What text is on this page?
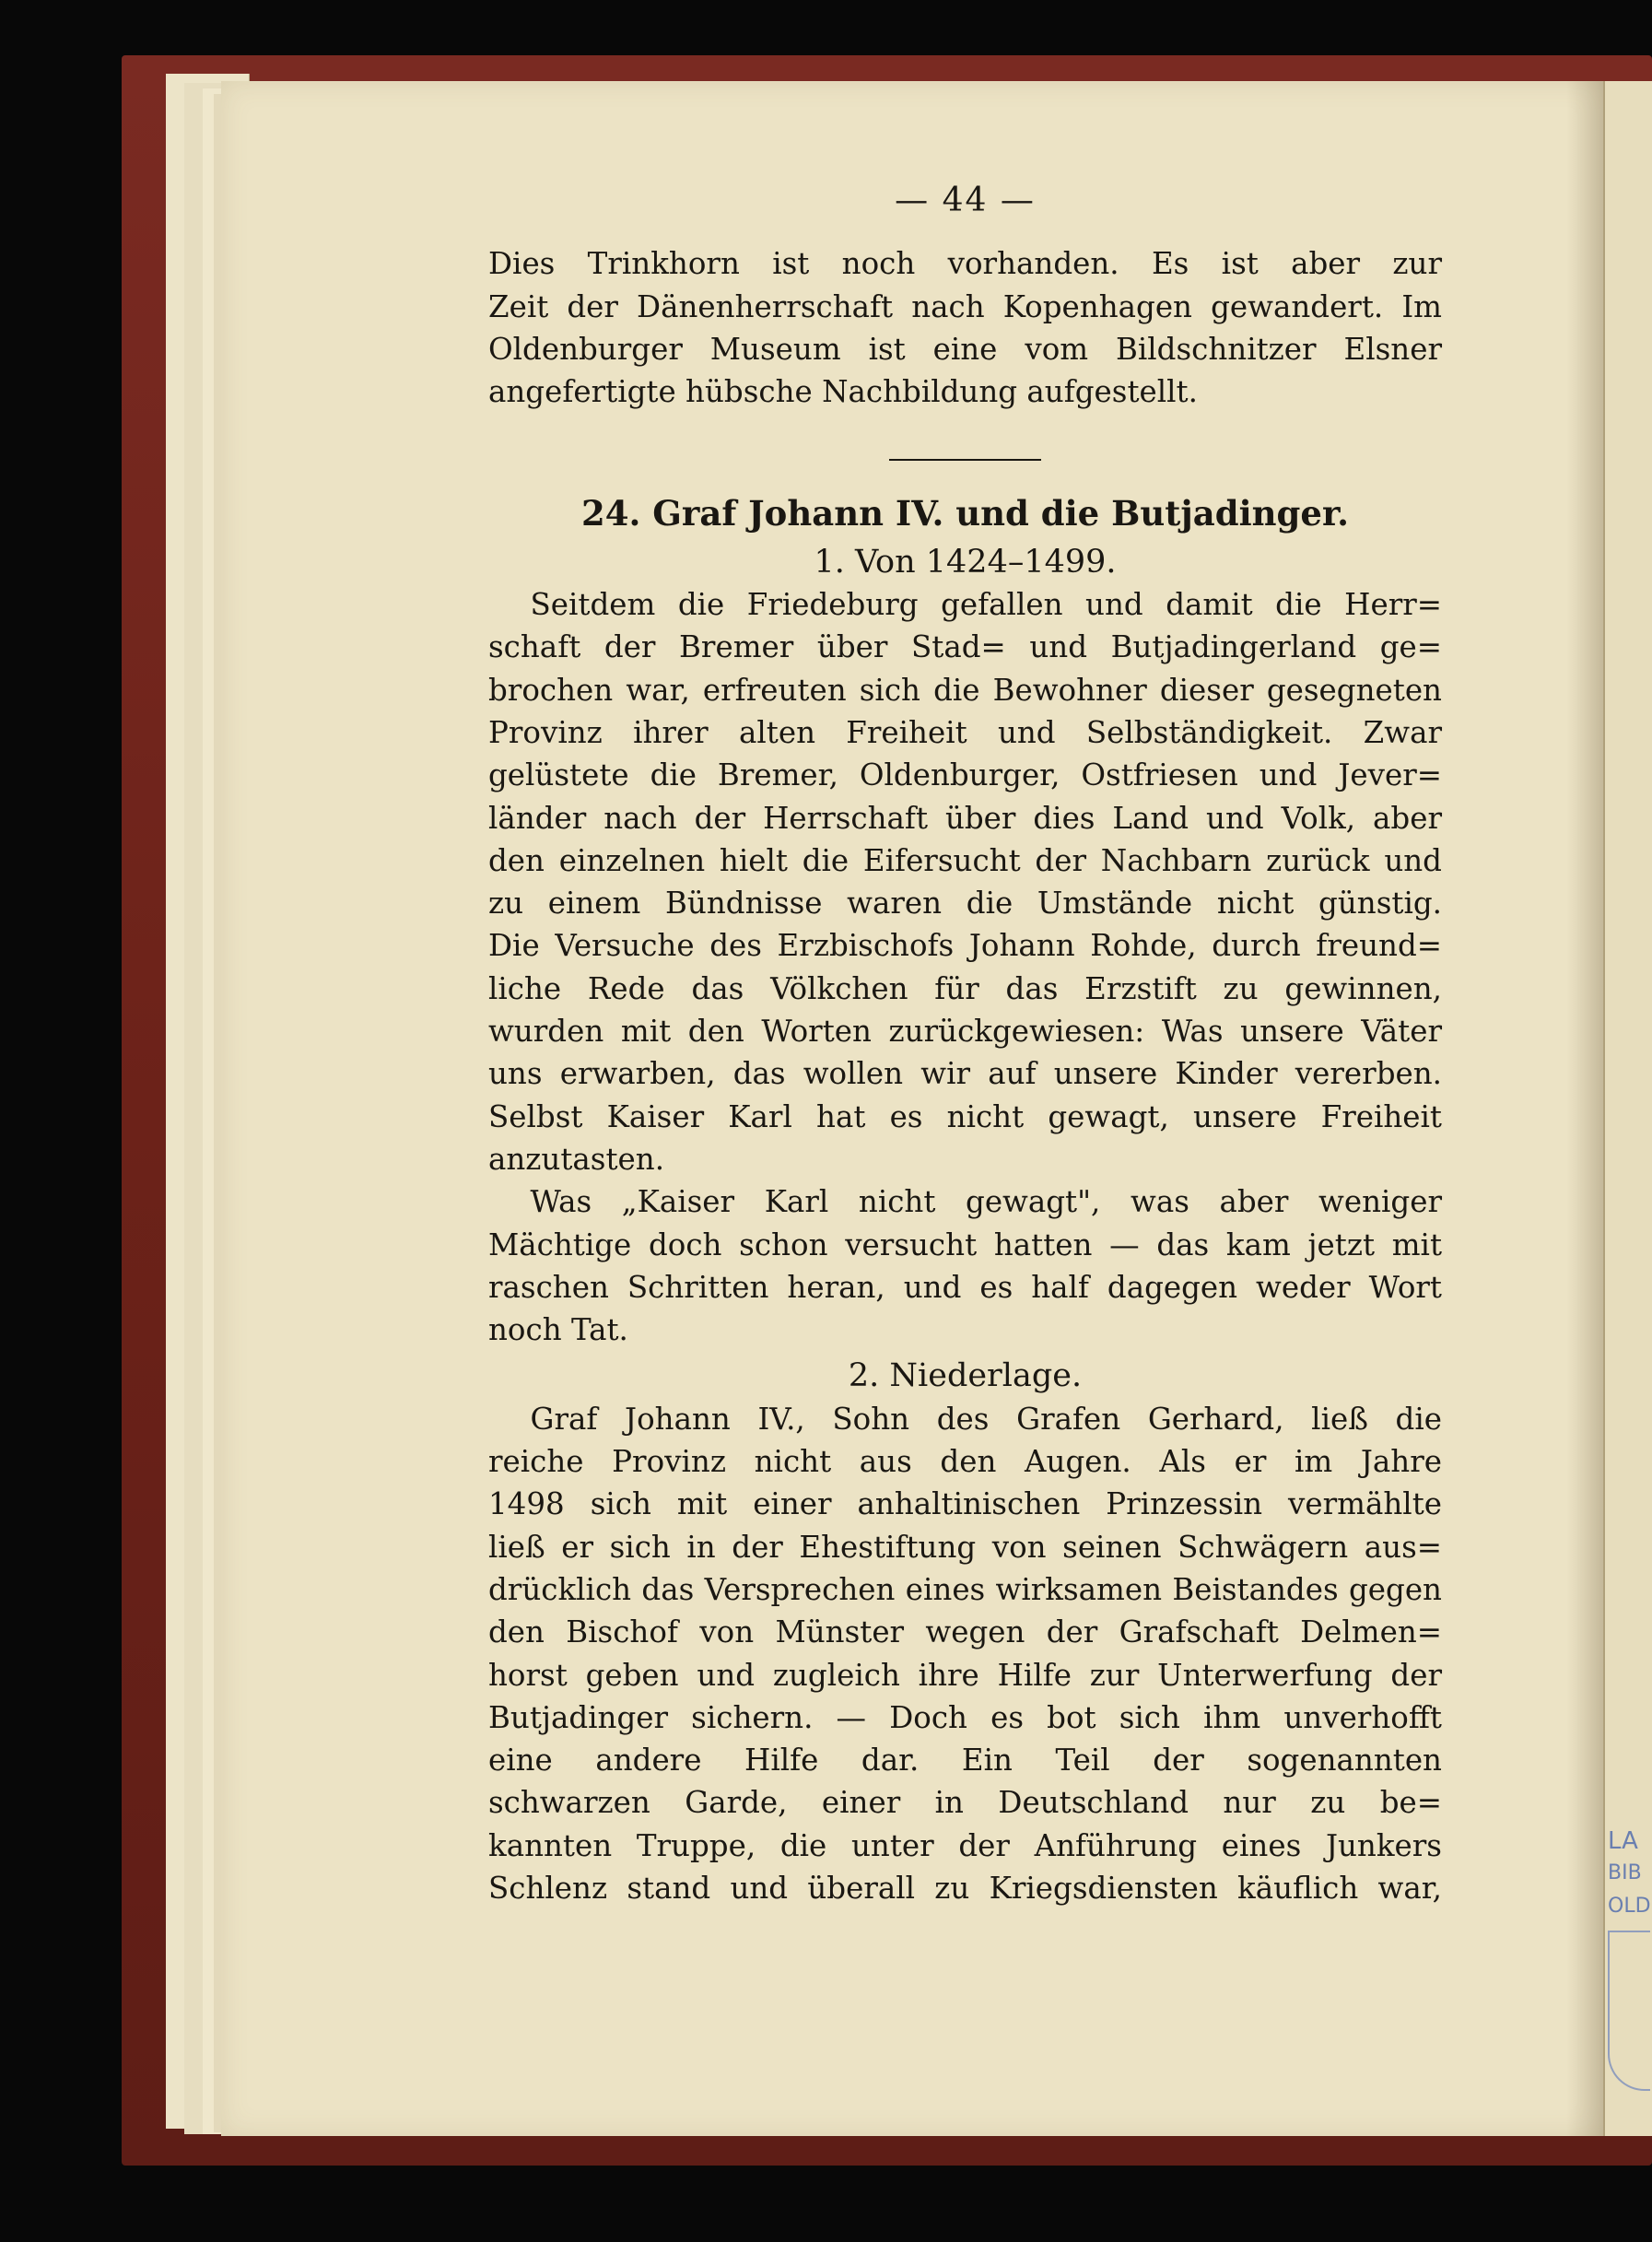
LA
BIB
OLD
— 44 —

Dies Trinkhorn ist noch vorhanden. Es ist aber zur
Zeit der Dänenherrschaft nach Kopenhagen gewandert. Im
Oldenburger Museum ist eine vom Bildschnitzer Elsner
angefertigte hübsche Nachbildung aufgestellt.

24. Graf Johann IV. und die Butjadinger.
1. Von 1424–1499.

Seitdem die Friedeburg gefallen und damit die Herr=
schaft der Bremer über Stad= und Butjadingerland ge=
brochen war, erfreuten sich die Bewohner dieser gesegneten
Provinz ihrer alten Freiheit und Selbständigkeit. Zwar
gelüstete die Bremer, Oldenburger, Ostfriesen und Jever=
länder nach der Herrschaft über dies Land und Volk, aber
den einzelnen hielt die Eifersucht der Nachbarn zurück und
zu einem Bündnisse waren die Umstände nicht günstig.
Die Versuche des Erzbischofs Johann Rohde, durch freund=
liche Rede das Völkchen für das Erzstift zu gewinnen,
wurden mit den Worten zurückgewiesen: Was unsere Väter
uns erwarben, das wollen wir auf unsere Kinder vererben.
Selbst Kaiser Karl hat es nicht gewagt, unsere Freiheit
anzutasten.

Was „Kaiser Karl nicht gewagt", was aber weniger
Mächtige doch schon versucht hatten — das kam jetzt mit
raschen Schritten heran, und es half dagegen weder Wort
noch Tat.

2. Niederlage.

Graf Johann IV., Sohn des Grafen Gerhard, ließ die
reiche Provinz nicht aus den Augen. Als er im Jahre
1498 sich mit einer anhaltinischen Prinzessin vermählte
ließ er sich in der Ehestiftung von seinen Schwägern aus=
drücklich das Versprechen eines wirksamen Beistandes gegen
den Bischof von Münster wegen der Grafschaft Delmen=
horst geben und zugleich ihre Hilfe zur Unterwerfung der
Butjadinger sichern. — Doch es bot sich ihm unverhofft
eine andere Hilfe dar. Ein Teil der sogenannten
schwarzen Garde, einer in Deutschland nur zu be=
kannten Truppe, die unter der Anführung eines Junkers
Schlenz stand und überall zu Kriegsdiensten käuflich war,
